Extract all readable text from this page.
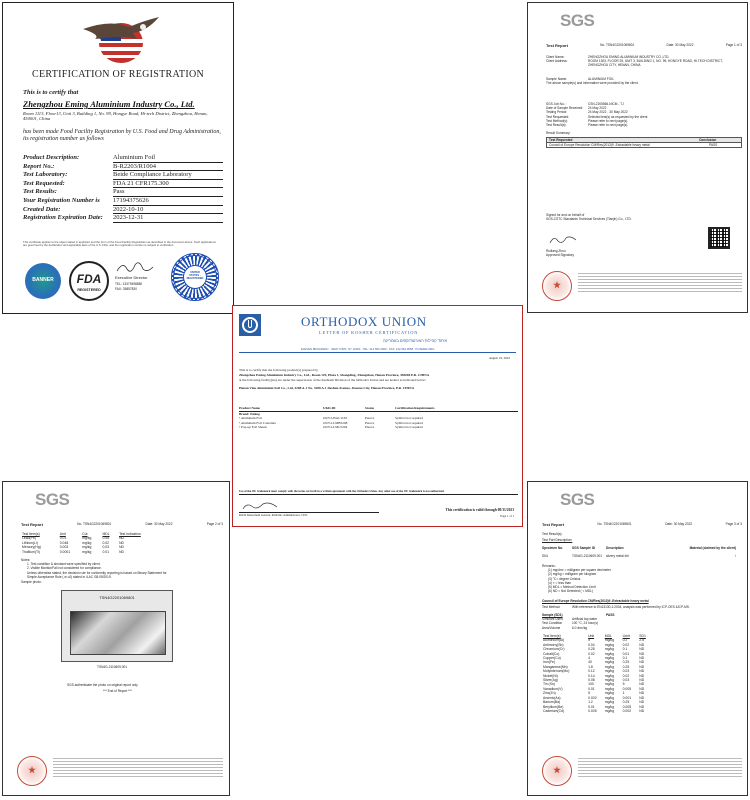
CERTIFICATION OF REGISTRATION
This is to certify that
Zhengzhou Eming Aluminium Industry Co., Ltd.
Room 1113, Floor13, Unit 3, Building 1, No. 99, Hongye Road, Hi-tech District, Zhengzhou, Henan, 450001, China
has been made Food Facility Registration by U.S. Food and Drug Administration, its registration number as follows
Product Description:	Aluminium Foil
Report No.:	B-R2203/R1004
Test Laboratory:	Beide Compliance Laboratory
Test Requested:	FDA 21 CFR175.300
Test Results:	Pass
Your Registration Number is	17194375626
Created Date:	2022-10-10
Registration Expiration Date:	2023-12-31
This certificate applies to the object stated in applicant and the form of the Food Facility Registration as described in the document above. Such applications are governed by the declaration and applicable laws of the U.S. FDA, and the registration number is subject to verification.
BANNER	FDA
REGISTERED
Executive Director
TEL: 13379498880
FAX: 35857830
UNITED STATES · REGISTERED
SGS
Test Report	No. TSN4G2201069801	Date: 30 May 2022	Page 1 of 3
Client Name:	ZHENGZHOU EMING ALUMINIUM INDUSTRY CO.,LTD.
Client Address:	ROOM 1303, FLOOR 25, UNIT 3, BUILDING 1, NO. 99, HONGYE ROAD, HI-TECH DISTRICT, ZHENGZHOU CITY, HENAN, CHINA
Sample Name:	ALUMINIUM FOIL
The above sample(s) and information were provided by the client.
SGS Job No.:	CSN-2205566-NICM - TJ
Date of Sample Received:	24 May 2022
Testing Period:	24 May 2022 - 30 May 2022
Test Requested:	Selected test(s) as requested by the client
Test Method(s):	Please refer to next page(s).
Test Result(s):	Please refer to next page(s).
Result Summary:
Test Requested	Conclusion
Council of Europe Resolution CM/Res(2013)9 -Extractable heavy metal	PASS
Signed for and on behalf of
SGS-CSTC Standards Technical Services (Tianjin) Co., LTD.
Ruiliang Zhou
Approved Signatory
ORTHODOX UNION
LETTER OF KOSHER CERTIFICATION
איחוד קהילות האורטודוקסים באמריקה
ELEVEN BROADWAY · NEW YORK, NY 10004 · TEL: 212.563.4000 · FAX: 212.564.9058 · KOSHER.ORG
August 23, 2022
This is to certify that the following product(s) prepared by
Zhengzhou Eming Aluminium Industry Co., Ltd., Room 129, Plaza 1, Shangding, Zhengzhou, Henan Province, 450000 P.R. CHINA
at the following facility(ies) are under the supervision of the Kashruth Division of the Orthodox Union and are kosher as indicated below:
Henan Vino Aluminium Foil Co., Ltd, 3288 A-1 No. 3288 A-1 Deshun Avenue, Jiaozuo City, Henan Province, P.R. CHINA
Product Name	UKD-ID	Status	Certification Requirements
Brand: Eming
• Aluminum Foil	OUV2-HAC1163	Pareve	Symbol not required
• Aluminum Foil Container	OUV2-LMB5208	Pareve	Symbol not required
• Pop-up Foil Sheets	OUV2-LMC5204	Pareve	Symbol not required
Use of the OU trademark must comply with the terms set forth in a written agreement with the Orthodox Union. Any other use of the OU trademark is not authorized.
Rabbi Menachem Genack, Rabbinic Administrator, CEO
This certification is valid through 08/31/2023
Page 1 of 1
SGS
Test Report	No. TSN4G2201069801	Date: 30 May 2022	Page 2 of 3
Test Item(s)	Unit	Cut	MDL	Test Indication
Lead(Pb)	0.01	mg/kg	0.05	ND
Lithium(Li)	0.048	mg/kg	0.02	ND
Mercury(Hg)	0.003	mg/kg	0.03	ND
Thallium(Tl)	0.0001	mg/kg	0.01	ND
Notes:
1. Test condition & simulant were specified by client.
2. Visible Monitor/Fail not considered for compliance.
Unless otherwise stated, the decision rule for conformity reporting is based on Binary Statement for
Simple Acceptance Rule ( w ≤0) stated in ILAC G8:09/2019.
Sample photo:
TSN4G2201069801
TSN4G-2110609.001
SGS authenticate the photo on original report only
*** End of Report ***
SGS
Test Report	No. TSN4G2201069801	Date: 30 May 2022	Page 3 of 3
Test Result(s):
Test Part Description:
Specimen No.	SGS Sample ID	Description	Material (claimed by the client)
SN1	TSN4G-2110609.001	silvery metal foil	/
Remarks:
(1) mg/dm² = milligram per square decimeter
(2) mg/kg = milligram per kilogram
(3) °C= degree Celsius
(4) < = less than
(5) MDL = Method Detection Limit
(6) ND = Not Detected ( < MDL)
Council of Europe Resolution CM/Res(2013)9 -Extractable heavy metal
Test Method:	With reference to EN13130-1:2004, analysis was performed by ICP-OES &ICP-MS.
Sample (SD1)	PASS
Simulant Used	Artificial tap water
Test Condition	100 °C, 24 hour(s)
Area/Volume	6.0 dm²/kg
Test Item(s)	Unit	MDL	Limit	SD1
Aluminium(Al)	5	mg/kg	0.2	2.5
Antimony(Sb)	0.04	mg/kg	0.02	ND
Chromium(Cr)	0.25	mg/kg	0.1	ND
Cobalt(Co)	0.02	mg/kg	0.01	ND
Copper(Cu)	4	mg/kg	0.1	ND
Iron(Fe)	40	mg/kg	0.25	ND
Manganese(Mn)	1.8	mg/kg	0.25	ND
Molybdenum(Mo)	0.12	mg/kg	0.03	ND
Nickel(Ni)	0.14	mg/kg	0.02	ND
Silver(Ag)	0.08	mg/kg	0.03	ND
Tin (Sn)	100	mg/kg	5	ND
Vanadium(V)	0.01	mg/kg	0.005	ND
Zinc(Zn)	5	mg/kg	1	ND
Arsenic(As)	0.002	mg/kg	0.001	ND
Barium(Ba)	1.2	mg/kg	0.25	ND
Beryllium(Be)	0.01	mg/kg	0.005	ND
Cadmium(Cd)	0.005	mg/kg	0.002	ND
